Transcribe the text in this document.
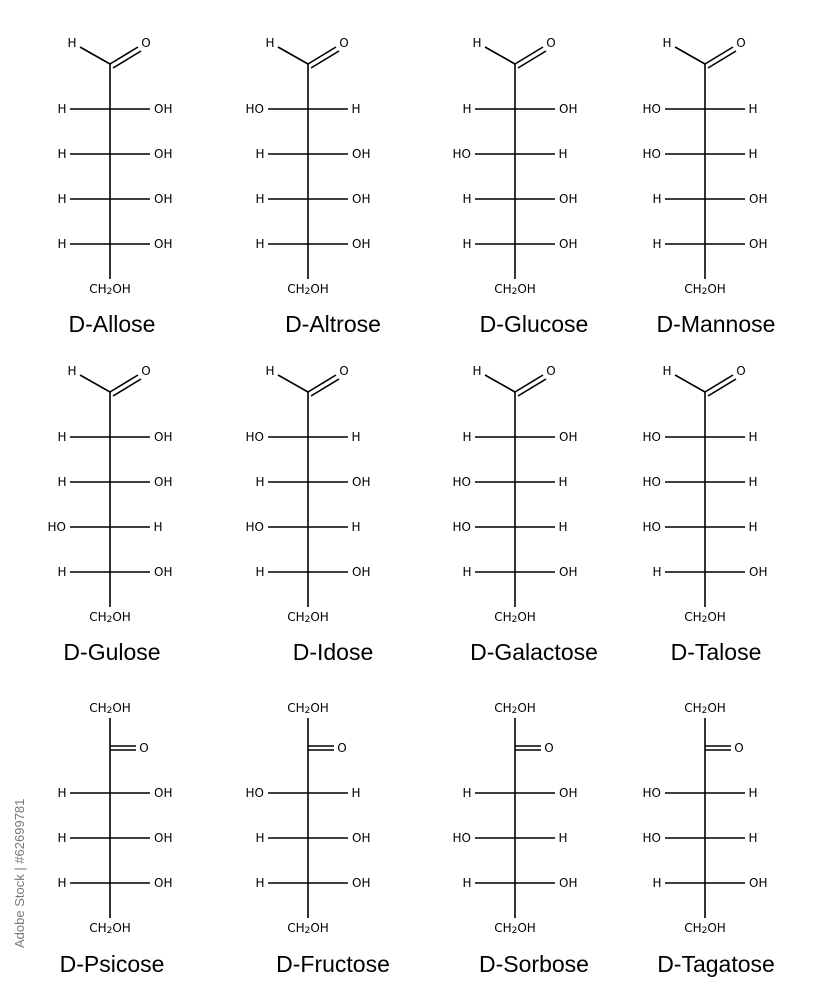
H	O
H	OH
H	OH
H	OH
H	OH
$CH_2OH$
D-Allose
H	O
HO	H
H	OH
H	OH
H	OH
$CH_2OH$
D-Altrose
H	O
H	OH
HO	H
H	OH
H	OH
$CH_2OH$
D-Glucose
H	O
HO	H
HO	H
H	OH
H	OH
$CH_2OH$
D-Mannose
H	O
H	OH
H	OH
HO	H
H	OH
$CH_2OH$
D-Gulose
H	O
HO	H
H	OH
HO	H
H	OH
$CH_2OH$
D-Idose
H	O
H	OH
HO	H
HO	H
H	OH
$CH_2OH$
D-Galactose
H	O
HO	H
HO	H
HO	H
H	OH
$CH_2OH$
D-Talose
$CH_2OH$
O
H	OH
H	OH
H	OH
$CH_2OH$
D-Psicose
$CH_2OH$
O
HO	H
H	OH
H	OH
$CH_2OH$
D-Fructose
$CH_2OH$
O
H	OH
HO	H
H	OH
$CH_2OH$
D-Sorbose
$CH_2OH$
O
HO	H
HO	H
H	OH
$CH_2OH$
D-Tagatose
Adobe Stock | #62699781
